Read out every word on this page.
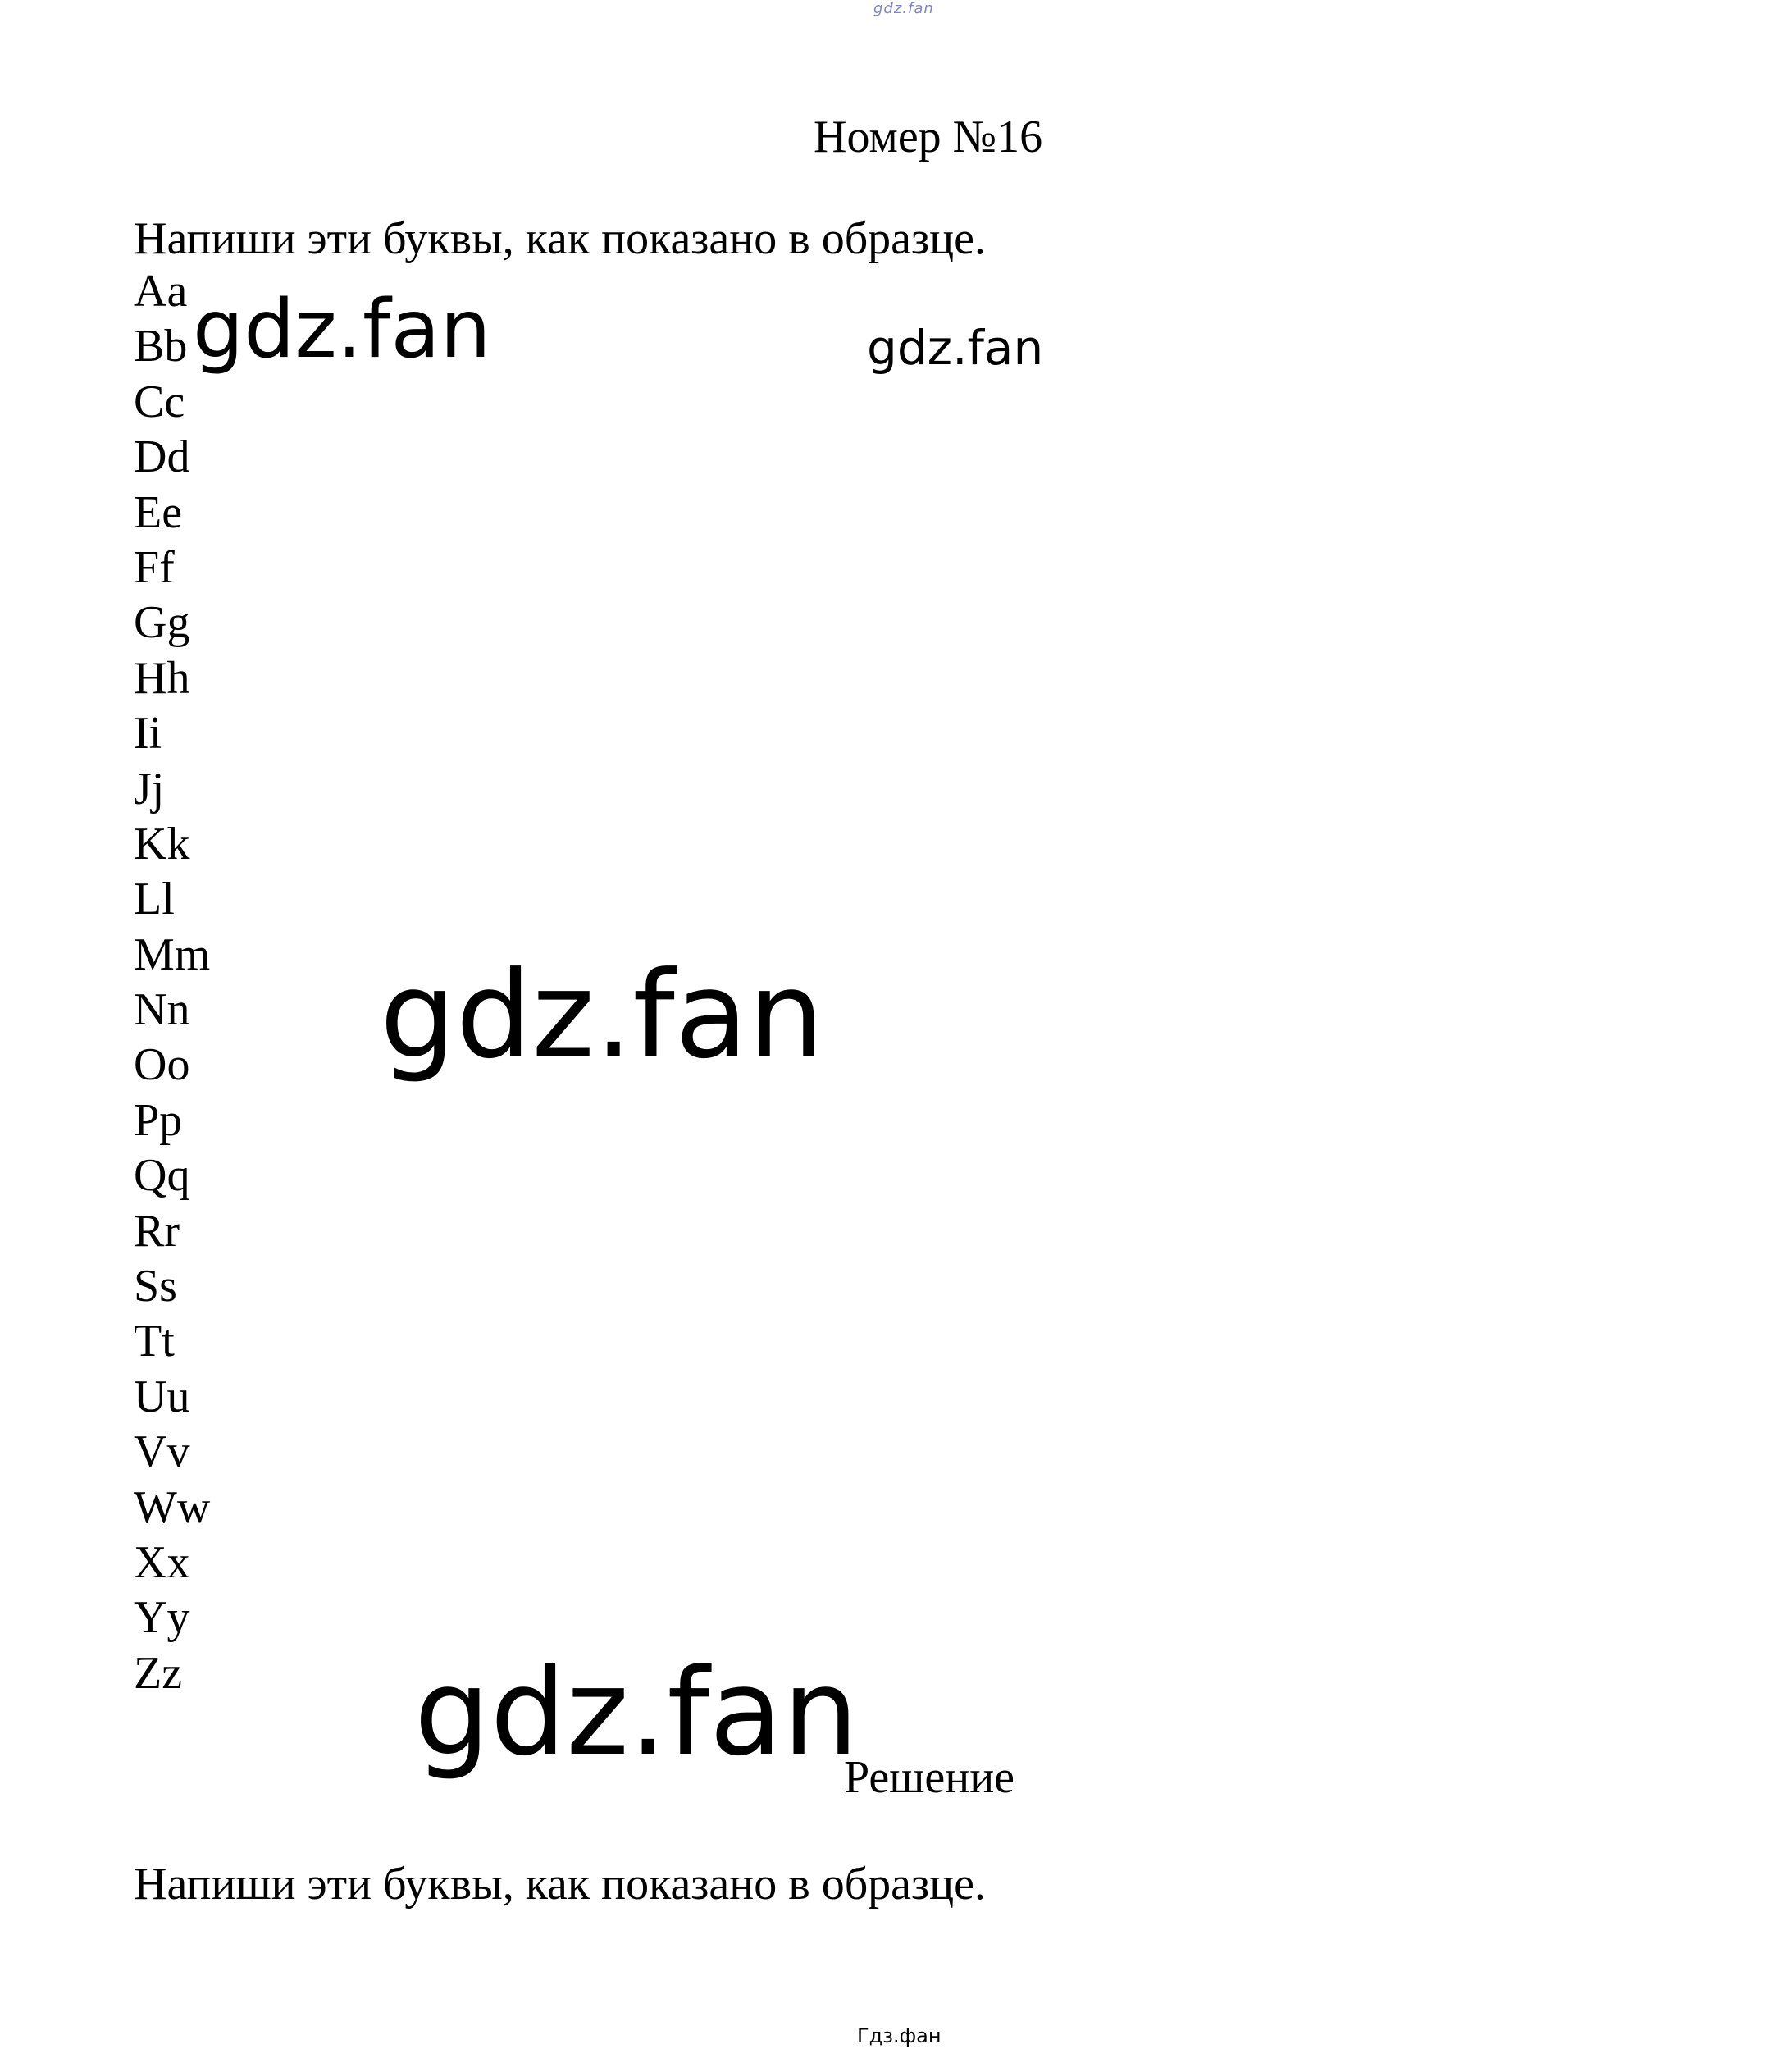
gdz.fan
Номер №16
Напиши эти буквы, как показано в образце.
Aa
Bb
Cc
Dd
Ee
Ff
Gg
Hh
Ii
Jj
Kk
Ll
Mm
Nn
Oo
Pp
Qq
Rr
Ss
Tt
Uu
Vv
Ww
Xx
Yy
Zz
gdz.fan	gdz.fan
gdz.fan
gdz.fan
Решение
Напиши эти буквы, как показано в образце.
Гдз.фан
